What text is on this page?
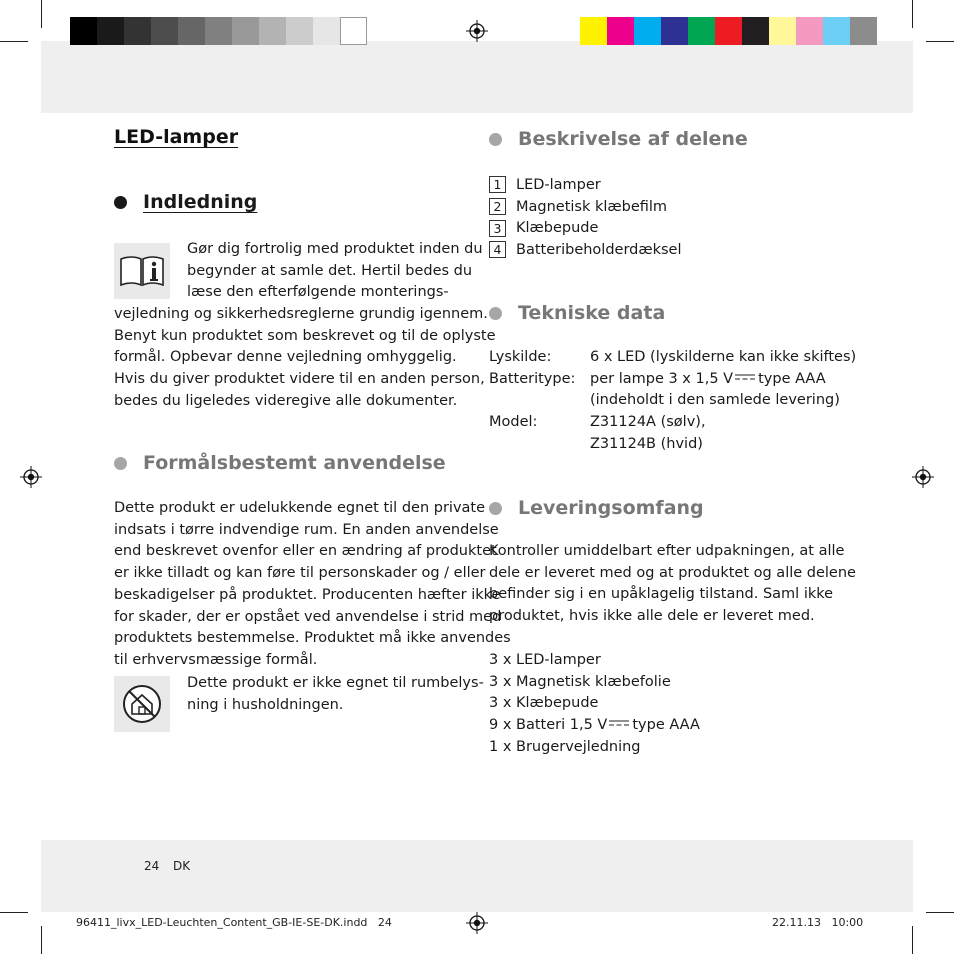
LED-lamper
Indledning
Gør dig fortrolig med produktet inden du
begynder at samle det. Hertil bedes du
læse den efterfølgende monterings-
vejledning og sikkerhedsreglerne grundig igennem.
Benyt kun produktet som beskrevet og til de oplyste
formål. Opbevar denne vejledning omhyggelig.
Hvis du giver produktet videre til en anden person,
bedes du ligeledes videregive alle dokumenter.
Formålsbestemt anvendelse
Dette produkt er udelukkende egnet til den private
indsats i tørre indvendige rum. En anden anvendelse
end beskrevet ovenfor eller en ændring af produktet
er ikke tilladt og kan føre til personskader og / eller
beskadigelser på produktet. Producenten hæfter ikke
for skader, der er opstået ved anvendelse i strid med
produktets bestemmelse. Produktet må ikke anvendes
til erhvervsmæssige formål.
Dette produkt er ikke egnet til rumbelys-
ning i husholdningen.
Beskrivelse af delene
1	LED-lamper
2	Magnetisk klæbefilm
3	Klæbepude
4	Batteribeholderdæksel
Tekniske data
Lyskilde:	6 x LED (lyskilderne kan ikke skiftes)
Batteritype:	per lampe 3 x 1,5 V type AAA
(indeholdt i den samlede levering)
Model:	Z31124A (sølv),
Z31124B (hvid)
Leveringsomfang
Kontroller umiddelbart efter udpakningen, at alle
dele er leveret med og at produktet og alle delene
befinder sig i en upåklagelig tilstand. Saml ikke
produktet, hvis ikke alle dele er leveret med.
3 x LED-lamper
3 x Magnetisk klæbefolie
3 x Klæbepude
9 x Batteri 1,5 V type AAA
1 x Brugervejledning
24 DK
96411_livx_LED-Leuchten_Content_GB-IE-SE-DK.indd   24	22.11.13   10:00
